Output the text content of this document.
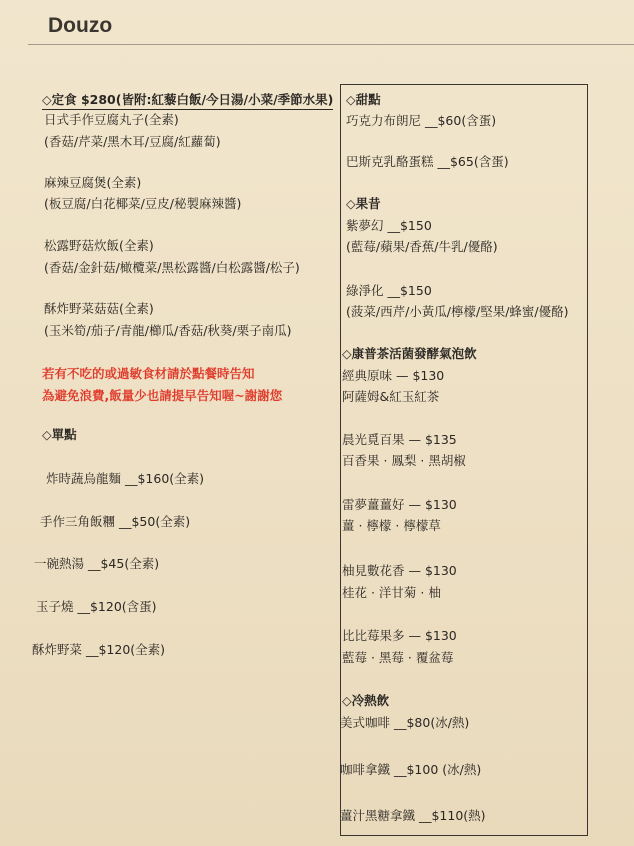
Douzo
◇定食 $280(皆附:紅藜白飯/今日湯/小菜/季節水果)
日式手作豆腐丸子(全素)
(香菇/芹菜/黑木耳/豆腐/紅蘿蔔)
麻辣豆腐煲(全素)
(板豆腐/白花椰菜/豆皮/秘製麻辣醬)
松露野菇炊飯(全素)
(香菇/金針菇/橄欖菜/黑松露醬/白松露醬/松子)
酥炸野菜菇菇(全素)
(玉米筍/茄子/青龍/櫛瓜/香菇/秋葵/栗子南瓜)
若有不吃的或過敏食材請於點餐時告知
為避免浪費,飯量少也請提早告知喔~謝謝您
◇單點
炸時蔬烏龍麵 __$160(全素)
手作三角飯糰 __$50(全素)
一碗熱湯 __$45(全素)
玉子燒 __$120(含蛋)
酥炸野菜 __$120(全素)
◇甜點
巧克力布朗尼 __$60(含蛋)
巴斯克乳酪蛋糕 __$65(含蛋)
◇果昔
紫夢幻 __$150
(藍莓/蘋果/香蕉/牛乳/優酪)
綠淨化 __$150
(菠菜/西芹/小黃瓜/檸檬/堅果/蜂蜜/優酪)
◇康普茶活菌發酵氣泡飲
經典原味 — $130
阿薩姆&紅玉紅茶
晨光覓百果 — $135
百香果 · 鳳梨 · 黑胡椒
雷夢薑薑好 — $130
薑 · 檸檬 · 檸檬草
柚見數花香 — $130
桂花 · 洋甘菊 · 柚
比比莓果多 — $130
藍莓 · 黑莓 · 覆盆莓
◇冷熱飲
美式咖啡 __$80(冰/熱)
咖啡拿鐵 __$100 (冰/熱)
薑汁黑糖拿鐵 __$110(熱)
